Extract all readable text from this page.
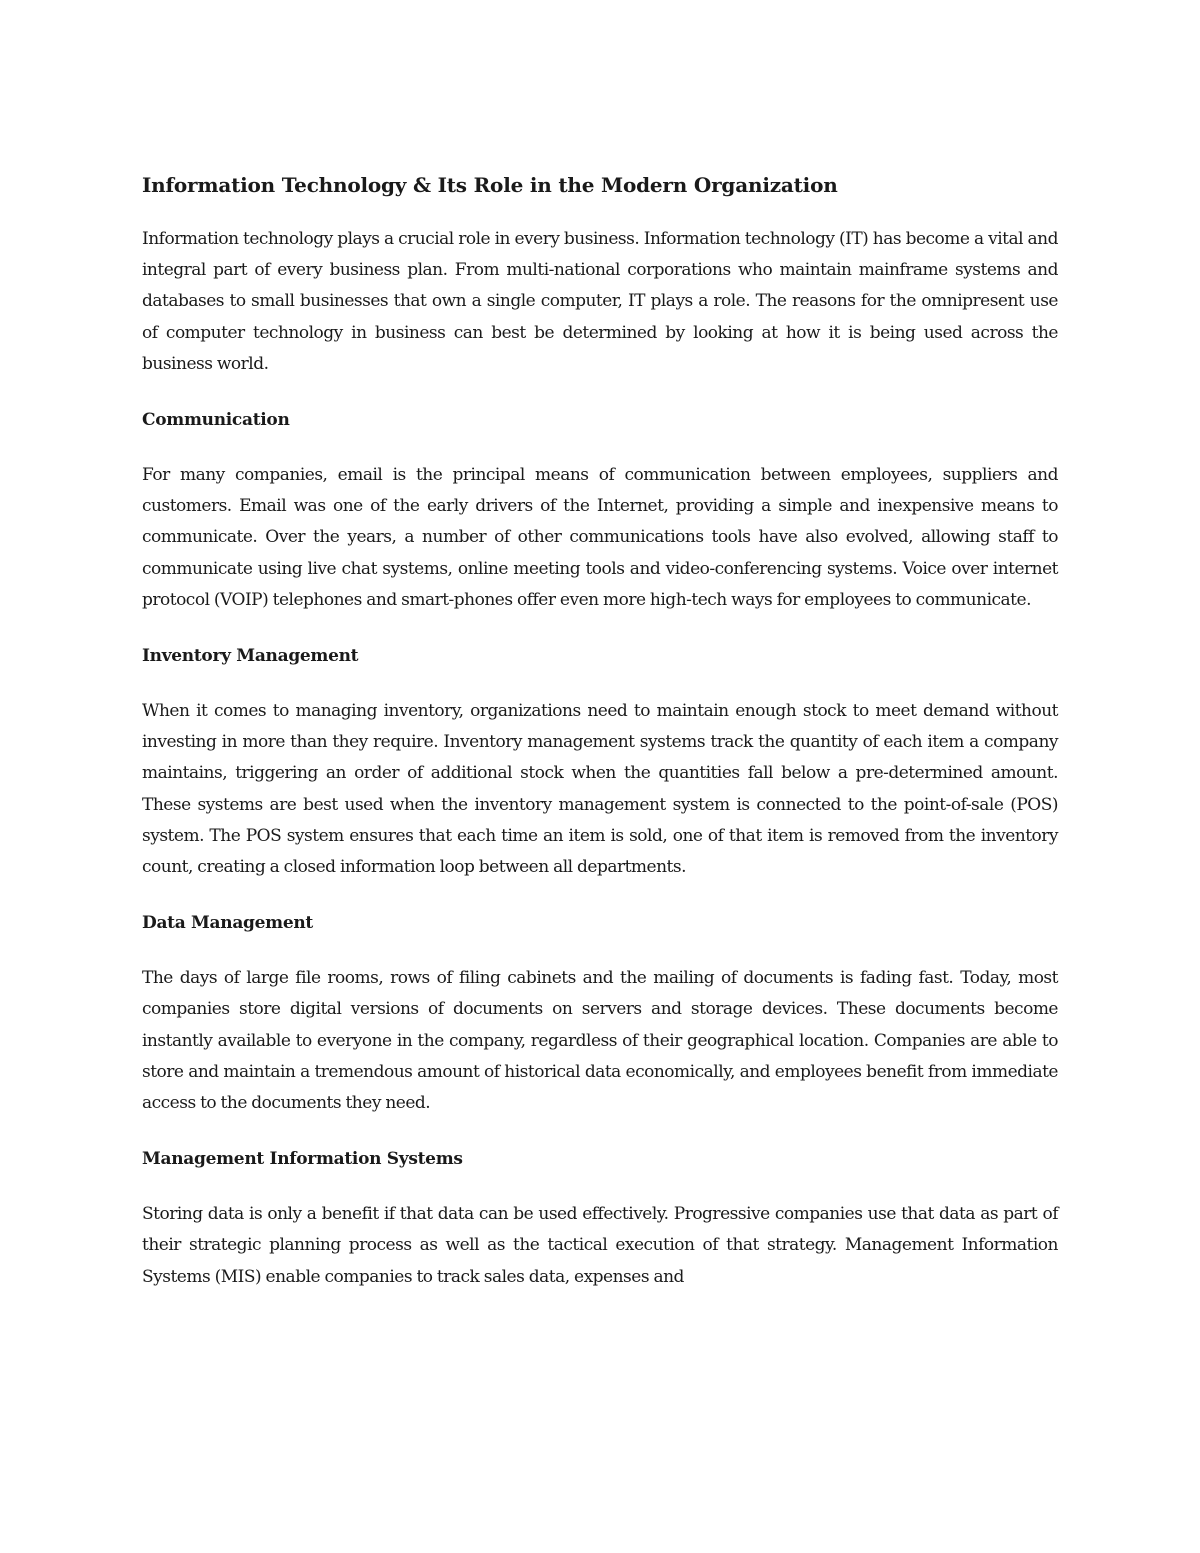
Information Technology & Its Role in the Modern Organization

Information technology plays a crucial role in every business. Information technology (IT) has become a vital and integral part of every business plan. From multi-national corporations who maintain mainframe systems and databases to small businesses that own a single computer, IT plays a role. The reasons for the omnipresent use of computer technology in business can best be determined by looking at how it is being used across the business world.

Communication

For many companies, email is the principal means of communication between employees, suppliers and customers. Email was one of the early drivers of the Internet, providing a simple and inexpensive means to communicate. Over the years, a number of other communications tools have also evolved, allowing staff to communicate using live chat systems, online meeting tools and video-conferencing systems. Voice over internet protocol (VOIP) telephones and smart-phones offer even more high-tech ways for employees to communicate.

Inventory Management

When it comes to managing inventory, organizations need to maintain enough stock to meet demand without investing in more than they require. Inventory management systems track the quantity of each item a company maintains, triggering an order of additional stock when the quantities fall below a pre-determined amount. These systems are best used when the inventory management system is connected to the point-of-sale (POS) system. The POS system ensures that each time an item is sold, one of that item is removed from the inventory count, creating a closed information loop between all departments.

Data Management

The days of large file rooms, rows of filing cabinets and the mailing of documents is fading fast. Today, most companies store digital versions of documents on servers and storage devices. These documents become instantly available to everyone in the company, regardless of their geographical location. Companies are able to store and maintain a tremendous amount of historical data economically, and employees benefit from immediate access to the documents they need.

Management Information Systems

Storing data is only a benefit if that data can be used effectively. Progressive companies use that data as part of their strategic planning process as well as the tactical execution of that strategy. Management Information Systems (MIS) enable companies to track sales data, expenses and
